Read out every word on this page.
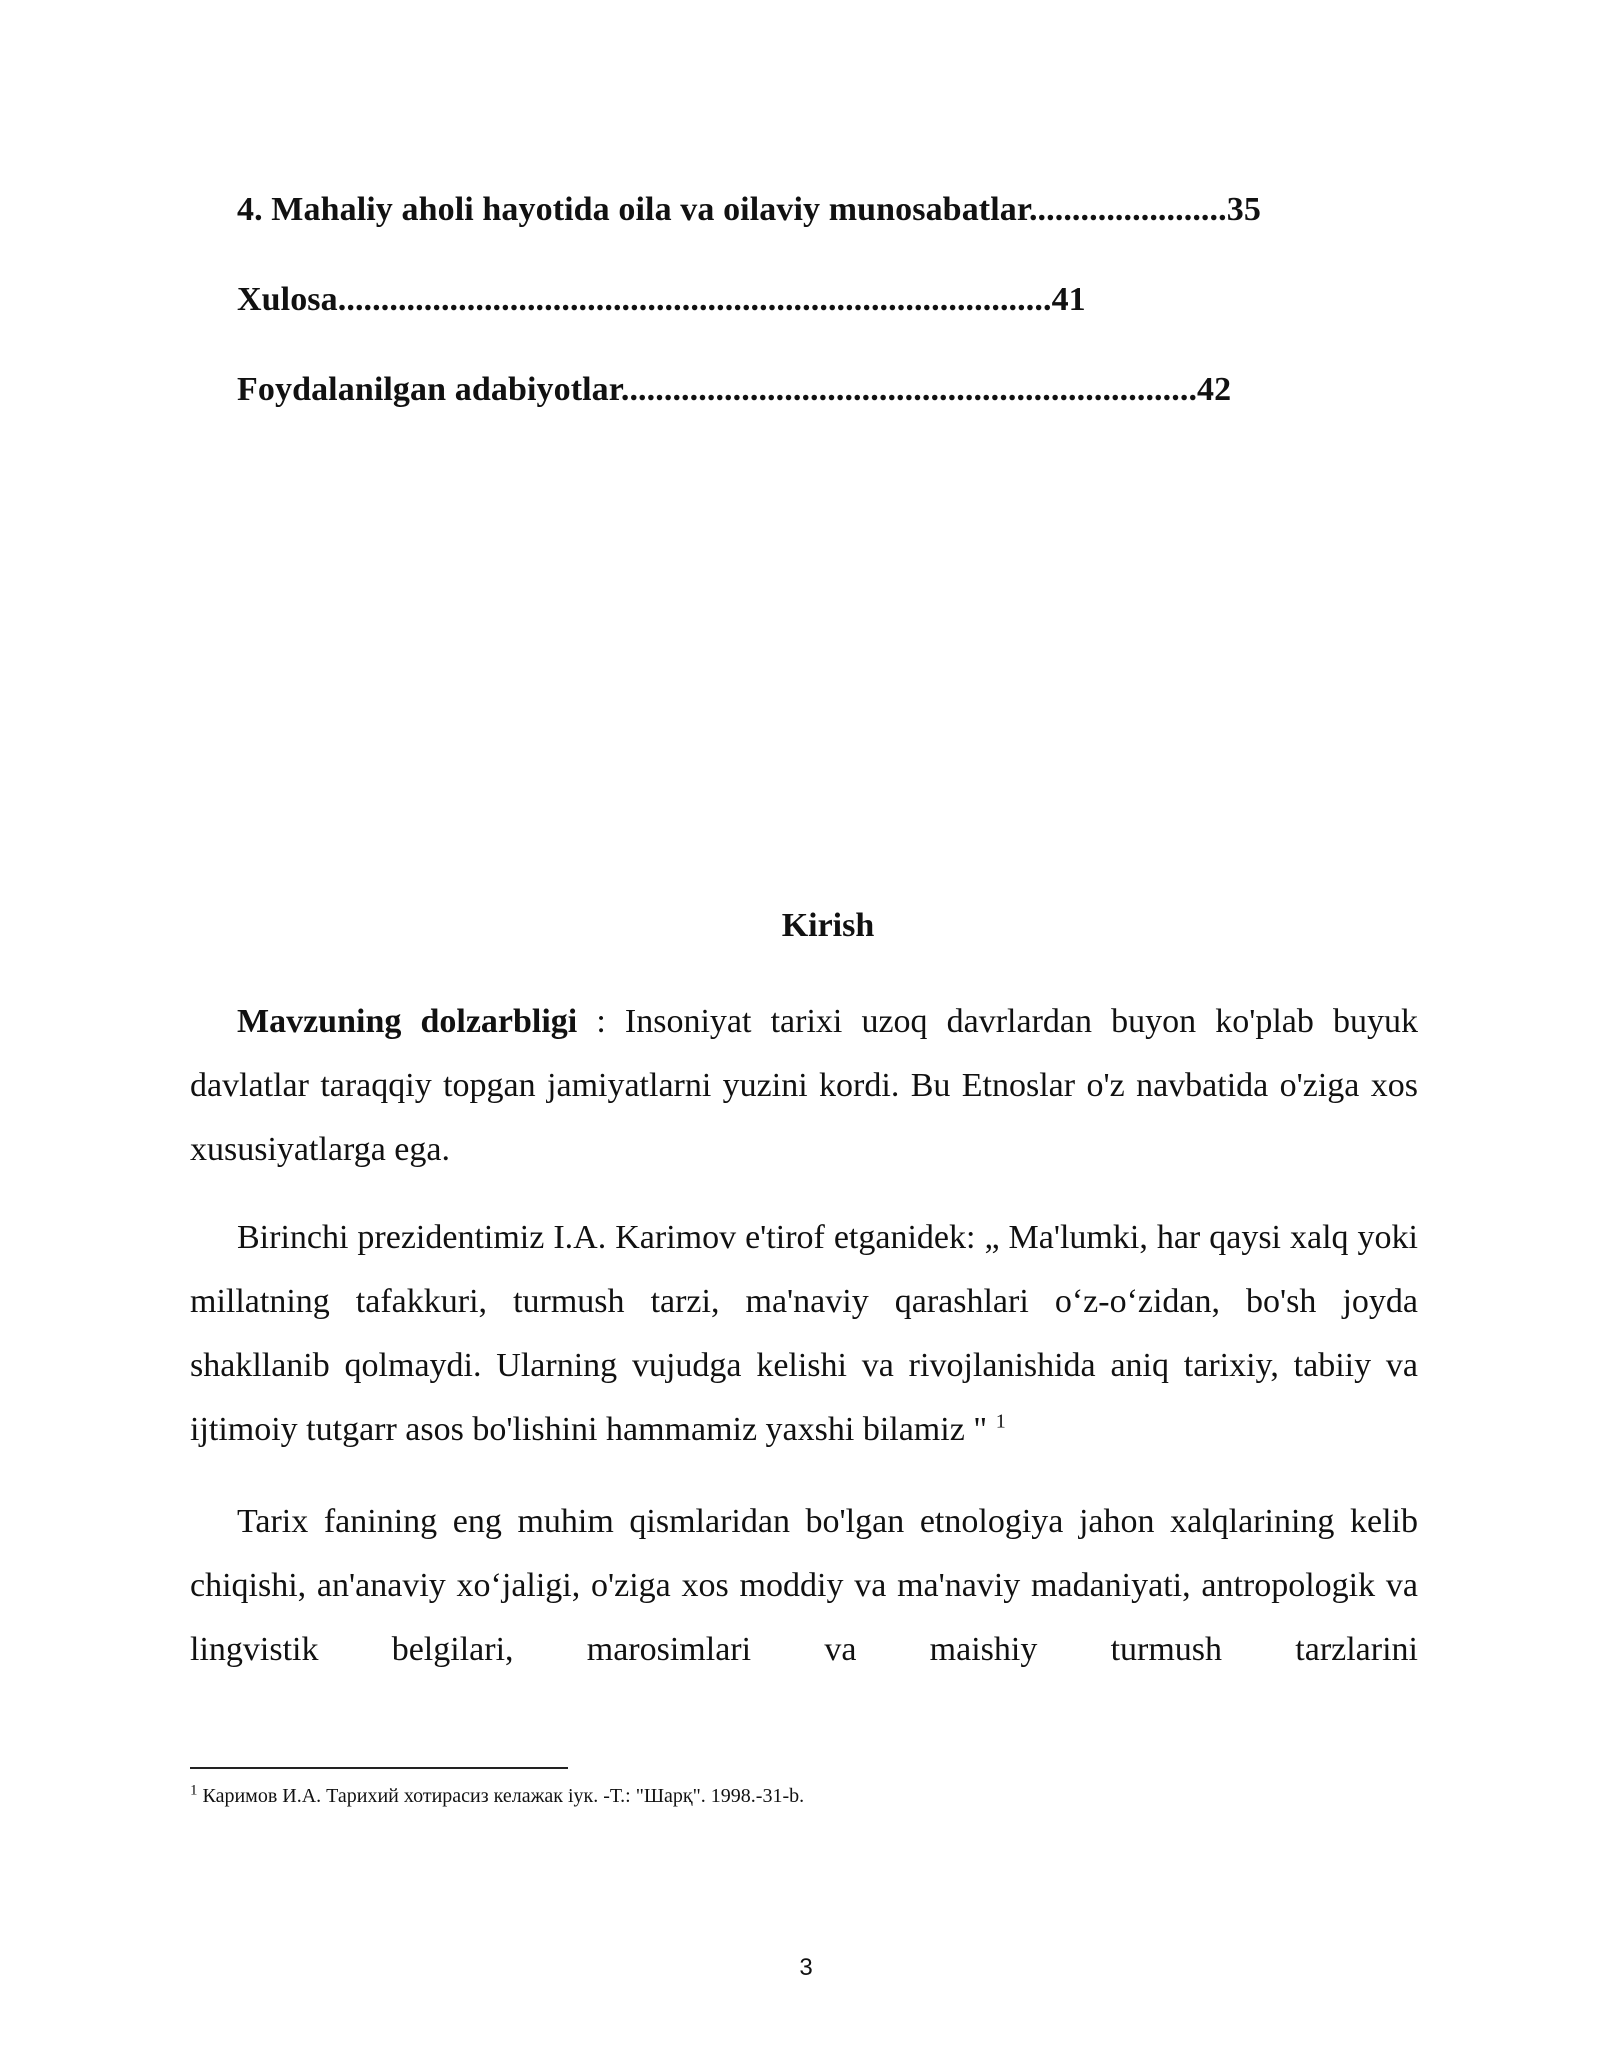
4. Mahaliy aholi hayotida oila va oilaviy munosabatlar.......................35
Xulosa...................................................................................41
Foydalanilgan adabiyotlar...................................................................42
Kirish
Mavzuning dolzarbligi : Insoniyat tarixi uzoq davrlardan buyon ko'plab buyuk davlatlar taraqqiy topgan jamiyatlarni yuzini kordi. Bu Etnoslar o'z navbatida o'ziga xos xususiyatlarga ega.
Birinchi prezidentimiz I.A. Karimov e'tirof etganidek: „ Ma'lumki, har qaysi xalq yoki millatning tafakkuri, turmush tarzi, ma'naviy qarashlari o‘z-o‘zidan, bo'sh joyda shakllanib qolmaydi. Ularning vujudga kelishi va rivojlanishida aniq tarixiy, tabiiy va ijtimoiy tutgarr asos bo'lishini hammamiz yaxshi bilamiz " $^1$
Tarix fanining eng muhim qismlaridan bo'lgan etnologiya jahon xalqlarining kelib chiqishi, an'anaviy xo‘jaligi, o'ziga xos moddiy va ma'naviy madaniyati, antropologik va lingvistik belgilari, marosimlari va maishiy turmush tarzlarini
$^1$ Каримов И.А. Тарихий хотирасиз келажак iук. -Т.: "Шарқ". 1998.-31-b.
3
